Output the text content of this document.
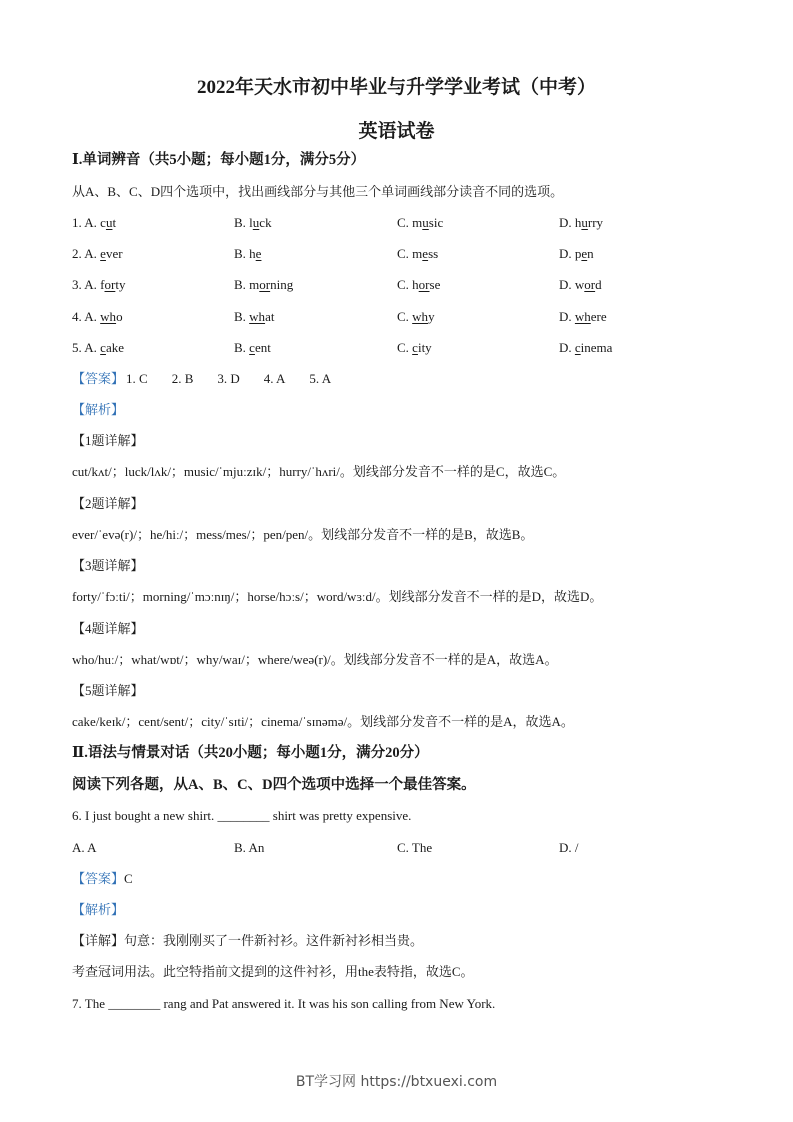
2022年天水市初中毕业与升学学业考试（中考）
英语试卷
Ⅰ.单词辨音（共5小题；每小题1分，满分5分）
从A、B、C、D四个选项中，找出画线部分与其他三个单词画线部分读音不同的选项。
1. A. cut	B. luck	C. music	D. hurry
2. A. ever	B. he	C. mess	D. pen
3. A. forty	B. morning	C. horse	D. word
4. A. who	B. what	C. why	D. where
5. A. cake	B. cent	C. city	D. cinema
【答案】 1. C 2. B 3. D 4. A 5. A
【解析】
【1题详解】
cut/kʌt/；luck/lʌk/；music/ˈmjuːzɪk/；hurry/ˈhʌri/。划线部分发音不一样的是C，故选C。
【2题详解】
ever/ˈevə(r)/；he/hiː/；mess/mes/；pen/pen/。划线部分发音不一样的是B，故选B。
【3题详解】
forty/ˈfɔːti/；morning/ˈmɔːnɪŋ/；horse/hɔːs/；word/wɜːd/。划线部分发音不一样的是D，故选D。
【4题详解】
who/huː/；what/wɒt/；why/waɪ/；where/weə(r)/。划线部分发音不一样的是A，故选A。
【5题详解】
cake/keɪk/；cent/sent/；city/ˈsɪti/；cinema/ˈsɪnəmə/。划线部分发音不一样的是A，故选A。
Ⅱ.语法与情景对话（共20小题；每小题1分，满分20分）
阅读下列各题，从A、B、C、D四个选项中选择一个最佳答案。
6. I just bought a new shirt. ________ shirt was pretty expensive.
A. A	B. An	C. The	D. /
【答案】C
【解析】
【详解】句意：我刚刚买了一件新衬衫。这件新衬衫相当贵。
考查冠词用法。此空特指前文提到的这件衬衫，用the表特指，故选C。
7. The ________ rang and Pat answered it. It was his son calling from New York.
BT学习网 https://btxuexi.com
